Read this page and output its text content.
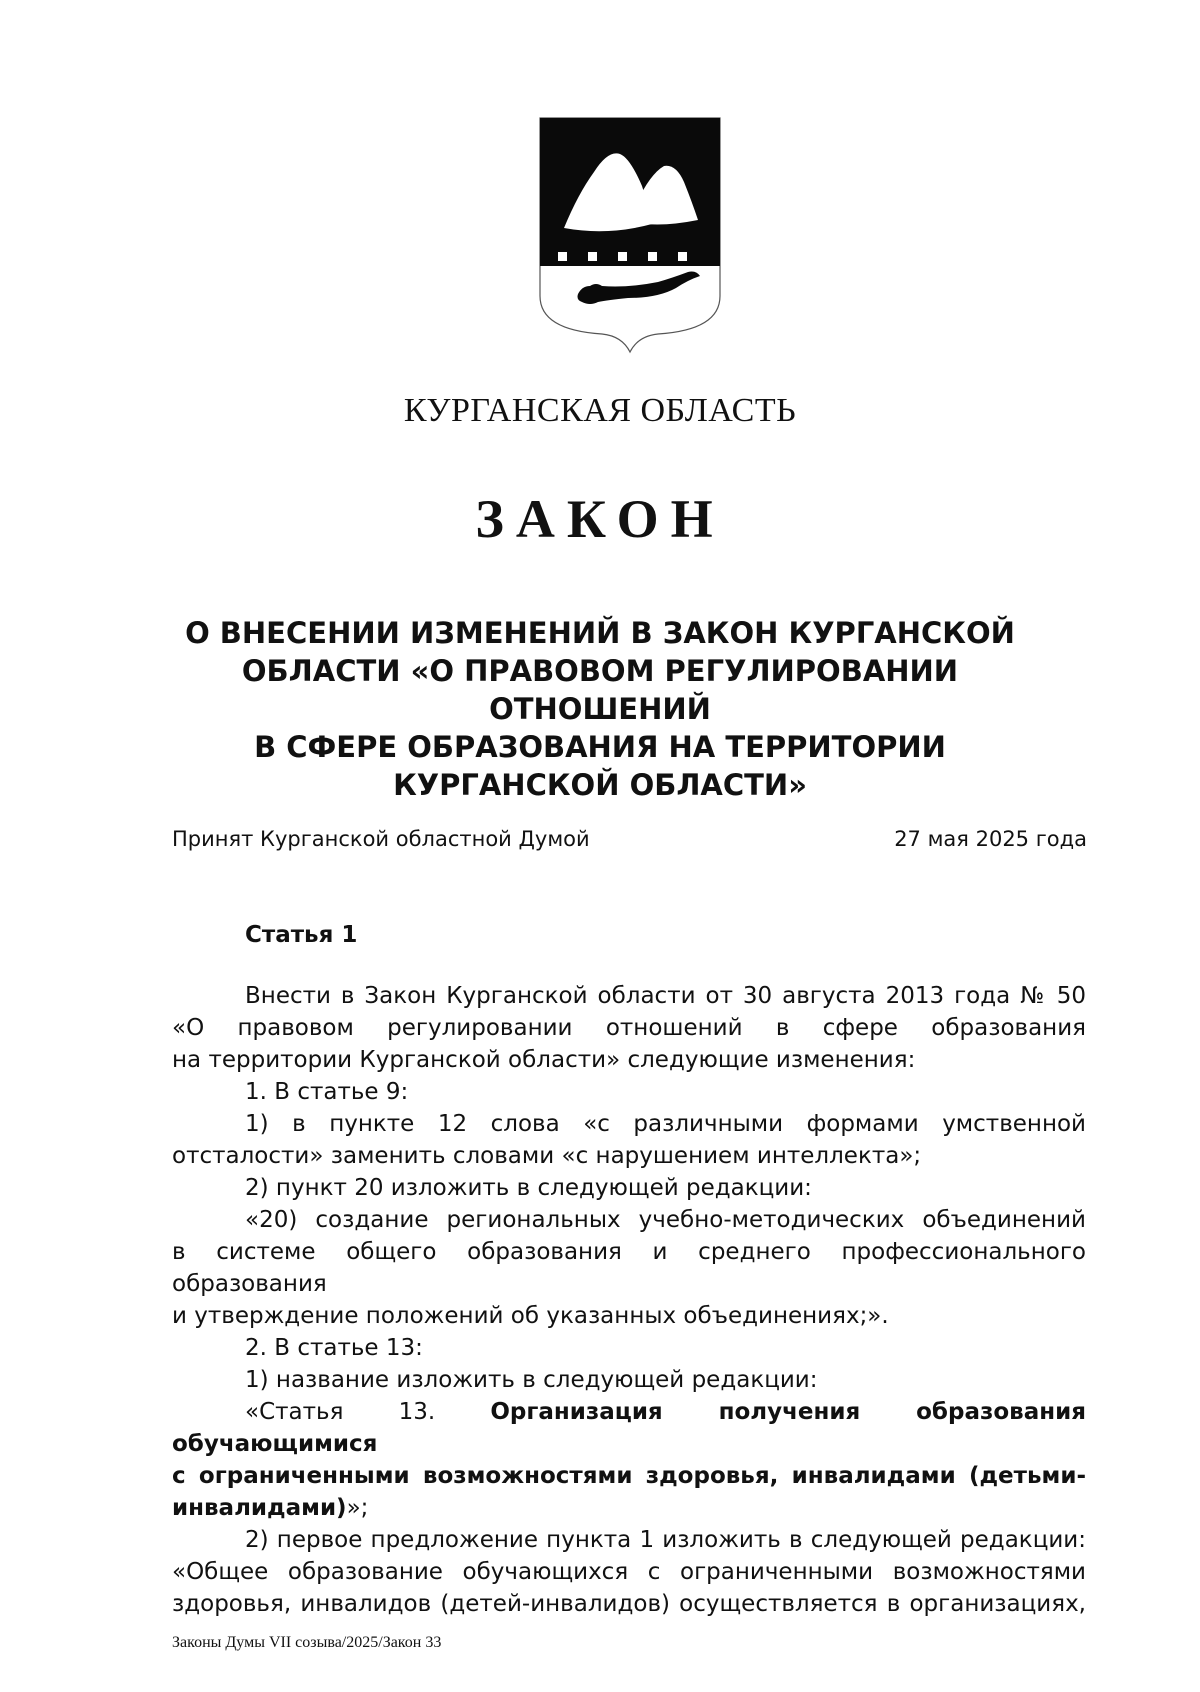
КУРГАНСКАЯ ОБЛАСТЬ
ЗАКОН
О ВНЕСЕНИИ ИЗМЕНЕНИЙ В ЗАКОН КУРГАНСКОЙ
ОБЛАСТИ «О ПРАВОВОМ РЕГУЛИРОВАНИИ ОТНОШЕНИЙ
В СФЕРЕ ОБРАЗОВАНИЯ НА ТЕРРИТОРИИ
КУРГАНСКОЙ ОБЛАСТИ»
Принят Курганской областной Думой	27 мая 2025 года
Статья 1

Внести в Закон Курганской области от 30 августа 2013 года № 50

«О правовом регулировании отношений в сфере образования

на территории Курганской области» следующие изменения:

1. В статье 9:

1) в пункте 12 слова «с различными формами умственной

отсталости» заменить словами «с нарушением интеллекта»;

2) пункт 20 изложить в следующей редакции:

«20) создание региональных учебно-методических объединений

в системе общего образования и среднего профессионального образования

и утверждение положений об указанных объединениях;».

2. В статье 13:

1) название изложить в следующей редакции:

«Статья 13. Организация получения образования обучающимися

с ограниченными возможностями здоровья, инвалидами (детьми-

инвалидами)»;

2) первое предложение пункта 1 изложить в следующей редакции:

«Общее образование обучающихся с ограниченными возможностями

здоровья, инвалидов (детей-инвалидов) осуществляется в организациях,

Законы Думы VII созыва/2025/Закон 33
